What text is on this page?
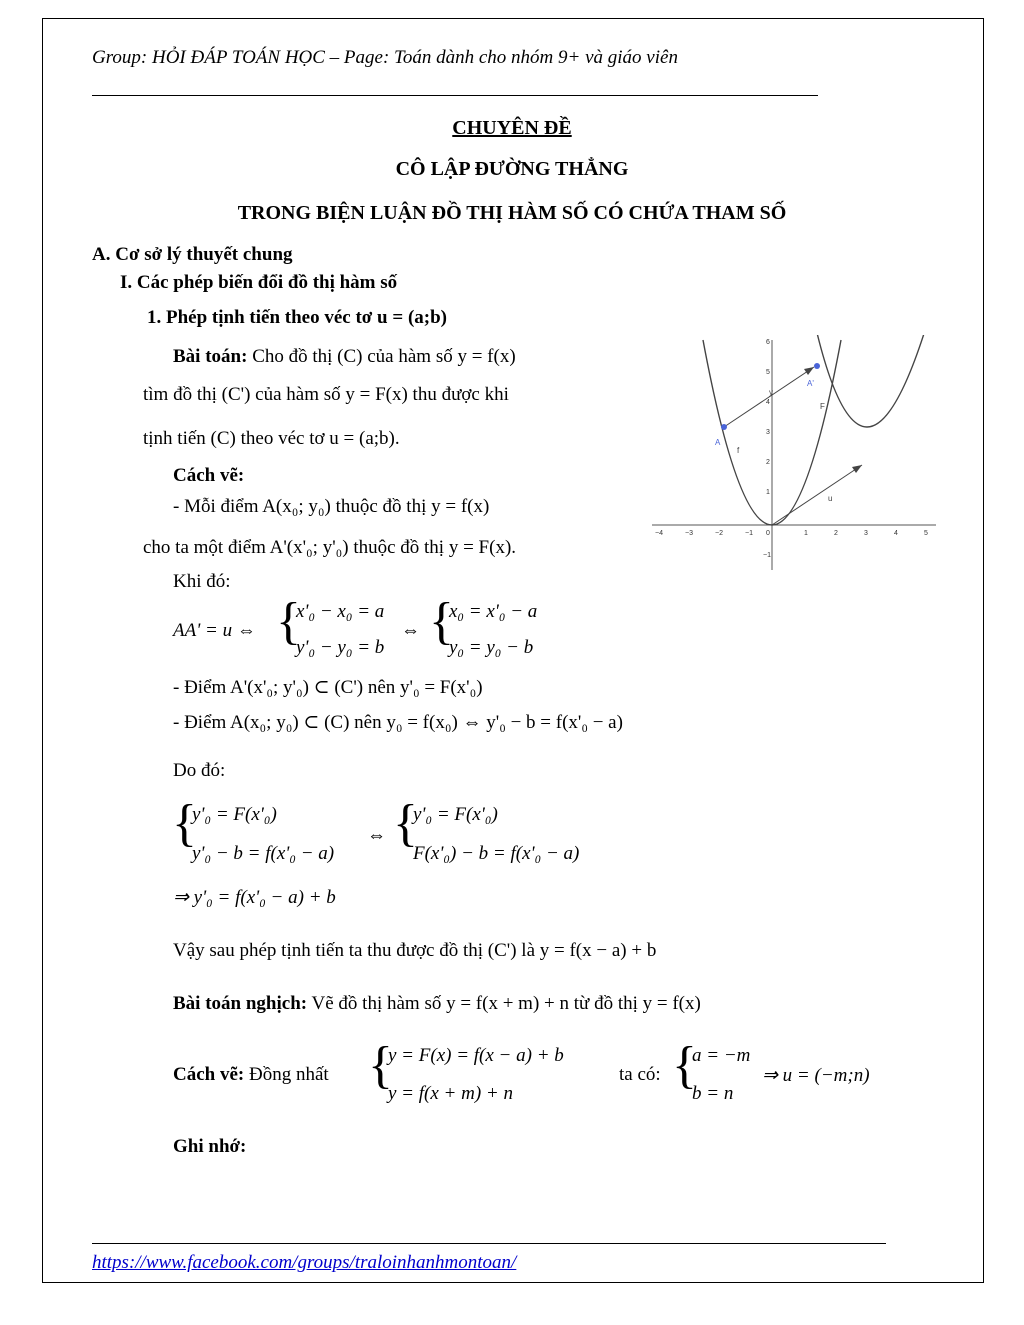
Group: HỎI ĐÁP TOÁN HỌC – Page: Toán dành cho nhóm 9+ và giáo viên
CHUYÊN ĐỀ
CÔ LẬP ĐƯỜNG THẲNG
TRONG BIỆN LUẬN ĐỒ THỊ HÀM SỐ CÓ CHỨA THAM SỐ
A. Cơ sở lý thuyết chung
I. Các phép biến đổi đồ thị hàm số
1. Phép tịnh tiến theo véc tơ u = (a;b)
Bài toán: Cho đồ thị (C) của hàm số y = f(x)
tìm đồ thị (C') của hàm số y = F(x) thu được khi
tịnh tiến (C) theo véc tơ u = (a;b).
Cách vẽ:
- Mỗi điểm A(x₀; y₀) thuộc đồ thị y = f(x)
cho ta một điểm A'(x'₀; y'₀) thuộc đồ thị y = F(x).
Khi đó:
AA' = u ⇔ {
x'₀ − x₀ = a
y'₀ − y₀ = b
⇔ {
x₀ = x'₀ − a
y₀ = y₀ − b
- Điểm A'(x'₀; y'₀) ⊂ (C') nên y'₀ = F(x'₀)
- Điểm A(x₀; y₀) ⊂ (C) nên y₀ = f(x₀) ⇔ y'₀ − b = f(x'₀ − a)
Do đó:
{
y'₀ = F(x'₀)
y'₀ − b = f(x'₀ − a)
⇔ {
y'₀ = F(x'₀)
F(x'₀) − b = f(x'₀ − a)
⇒ y'₀ = f(x'₀ − a) + b
Vậy sau phép tịnh tiến ta thu được đồ thị (C') là y = f(x − a) + b
Bài toán nghịch: Vẽ đồ thị hàm số y = f(x + m) + n từ đồ thị y = f(x)
Cách vẽ: Đồng nhất {
y = F(x) = f(x − a) + b
y = f(x + m) + n
ta có: {
a = −m
b = n
⇒ u = (−m;n)
Ghi nhớ:
https://www.facebook.com/groups/traloinhanhmontoan/
−4	−3	−2	−1 0	1	2	3	4	5
6
5
4
3
2
1
−1
A
A'
f
F
u
y
